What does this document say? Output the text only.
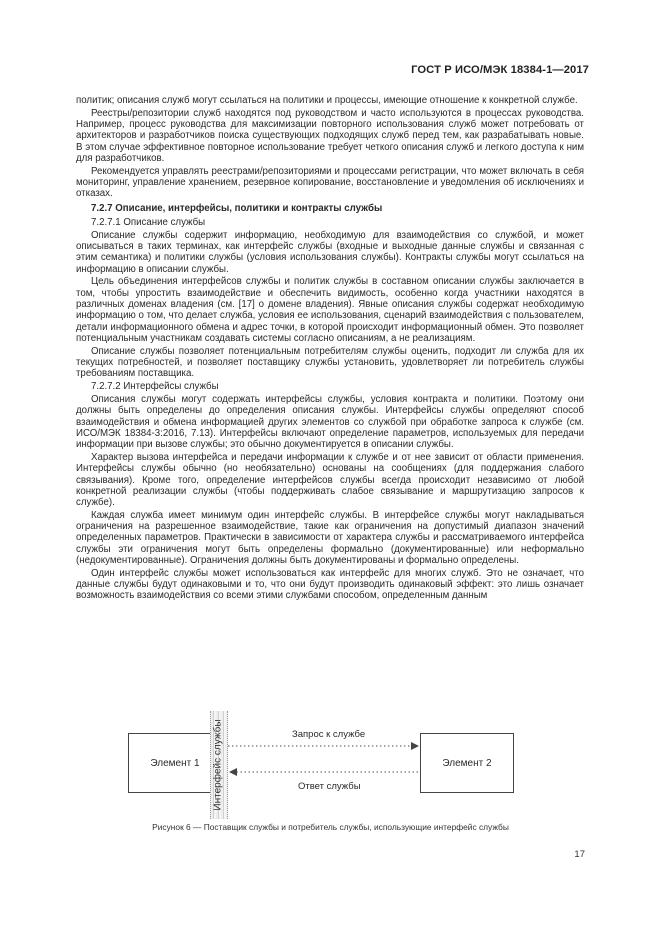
ГОСТ Р ИСО/МЭК 18384-1—2017

политик; описания служб могут ссылаться на политики и процессы, имеющие отношение к конкретной службе.

Реестры/репозитории служб находятся под руководством и часто используются в процессах руководства. Например, процесс руководства для максимизации повторного использования служб может потребовать от архитекторов и разработчиков поиска существующих подходящих служб перед тем, как разрабатывать новые. В этом случае эффективное повторное использование требует четкого описания служб и легкого доступа к ним для разработчиков.

Рекомендуется управлять реестрами/репозиториями и процессами регистрации, что может включать в себя мониторинг, управление хранением, резервное копирование, восстановление и уведомления об исключениях и отказах.

7.2.7 Описание, интерфейсы, политики и контракты службы

7.2.7.1 Описание службы

Описание службы содержит информацию, необходимую для взаимодействия со службой, и может описываться в таких терминах, как интерфейс службы (входные и выходные данные службы и связанная с этим семантика) и политики службы (условия использования службы). Контракты службы могут ссылаться на информацию в описании службы.

Цель объединения интерфейсов службы и политик службы в составном описании службы заключается в том, чтобы упростить взаимодействие и обеспечить видимость, особенно когда участники находятся в различных доменах владения (см. [17] о домене владения). Явные описания службы содержат необходимую информацию о том, что делает служба, условия ее использования, сценарий взаимодействия с пользователем, детали информационного обмена и адрес точки, в которой происходит информационный обмен. Это позволяет потенциальным участникам создавать системы согласно описаниям, а не реализациям.

Описание службы позволяет потенциальным потребителям службы оценить, подходит ли служба для их текущих потребностей, и позволяет поставщику службы установить, удовлетворяет ли потребитель службы требованиям поставщика.

7.2.7.2 Интерфейсы службы

Описания службы могут содержать интерфейсы службы, условия контракта и политики. Поэтому они должны быть определены до определения описания службы. Интерфейсы службы определяют способ взаимодействия и обмена информацией других элементов со службой при обработке запроса к службе (см. ИСО/МЭК 18384-3:2016, 7.13). Интерфейсы включают определение параметров, используемых для передачи информации при вызове службы; это обычно документируется в описании службы.

Характер вызова интерфейса и передачи информации к службе и от нее зависит от области применения. Интерфейсы службы обычно (но необязательно) основаны на сообщениях (для поддержания слабого связывания). Кроме того, определение интерфейсов службы всегда происходит независимо от любой конкретной реализации службы (чтобы поддерживать слабое связывание и маршрутизацию запросов к службе).

Каждая служба имеет минимум один интерфейс службы. В интерфейсе службы могут накладываться ограничения на разрешенное взаимодействие, такие как ограничения на допустимый диапазон значений определенных параметров. Практически в зависимости от характера службы и рассматриваемого интерфейса службы эти ограничения могут быть определены формально (документированные) или неформально (недокументированные). Ограничения должны быть документированы и формально определены.

Один интерфейс службы может использоваться как интерфейс для многих служб. Это не означает, что данные службы будут одинаковыми и то, что они будут производить одинаковый эффект: это лишь означает возможность взаимодействия со всеми этими службами способом, определенным данным

Элемент 1	Элемент 2
Интерфейс службы	Запрос к службе
Ответ службы
Рисунок 6 — Поставщик службы и потребитель службы, использующие интерфейс службы
17
